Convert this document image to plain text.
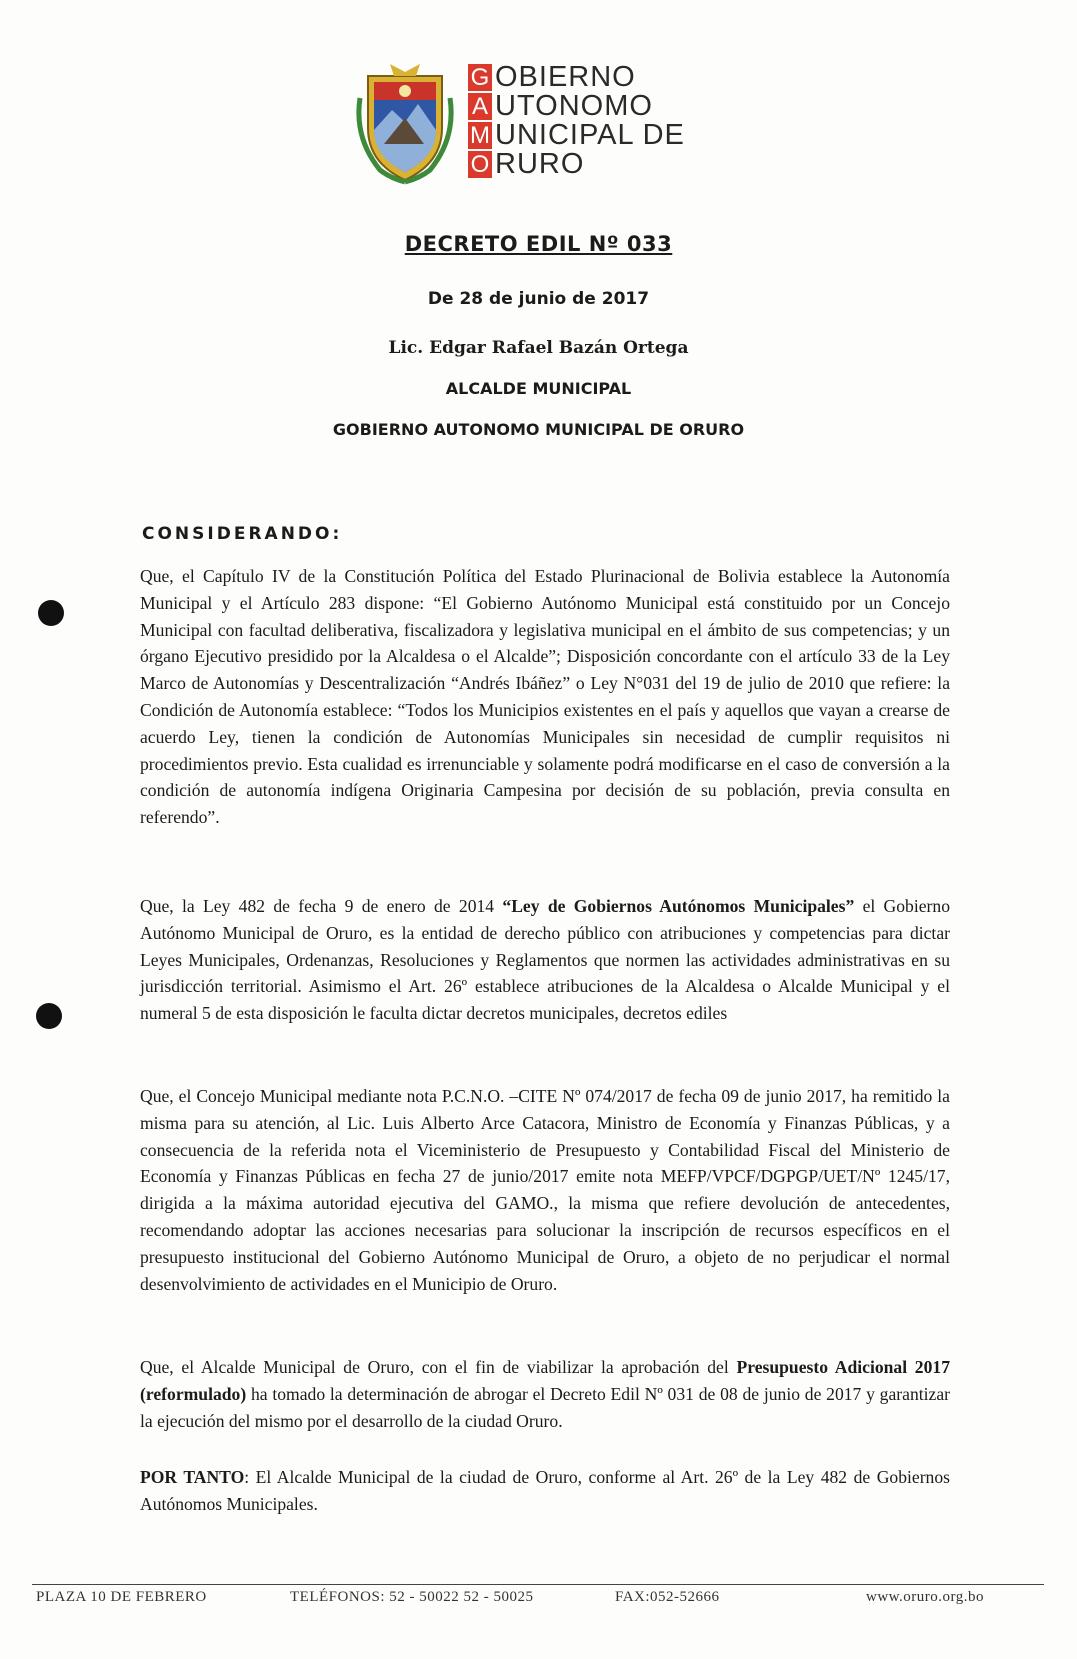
G
A
M
O
OBIERNO
UTONOMO
UNICIPAL DE
RURO
DECRETO EDIL Nº 033
De 28 de junio de 2017
Lic. Edgar Rafael Bazán Ortega
ALCALDE MUNICIPAL
GOBIERNO AUTONOMO MUNICIPAL DE ORURO
CONSIDERANDO:
Que, el Capítulo IV de la Constitución Política del Estado Plurinacional de Bolivia establece la Autonomía Municipal y el Artículo 283 dispone: “El Gobierno Autónomo Municipal está constituido por un Concejo Municipal con facultad deliberativa, fiscalizadora y legislativa municipal en el ámbito de sus competencias; y un órgano Ejecutivo presidido por la Alcaldesa o el Alcalde”; Disposición concordante con el artículo 33 de la Ley Marco de Autonomías y Descentralización “Andrés Ibáñez” o Ley N°031 del 19 de julio de 2010 que refiere: la Condición de Autonomía establece: “Todos los Municipios existentes en el país y aquellos que vayan a crearse de acuerdo Ley, tienen la condición de Autonomías Municipales sin necesidad de cumplir requisitos ni procedimientos previo. Esta cualidad es irrenunciable y solamente podrá modificarse en el caso de conversión a la condición de autonomía indígena Originaria Campesina por decisión de su población, previa consulta en referendo”.
Que, la Ley 482 de fecha 9 de enero de 2014 “Ley de Gobiernos Autónomos Municipales” el Gobierno Autónomo Municipal de Oruro, es la entidad de derecho público con atribuciones y competencias para dictar Leyes Municipales, Ordenanzas, Resoluciones y Reglamentos que normen las actividades administrativas en su jurisdicción territorial. Asimismo el Art. 26º establece atribuciones de la Alcaldesa o Alcalde Municipal y el numeral 5 de esta disposición le faculta dictar decretos municipales, decretos ediles
Que, el Concejo Municipal mediante nota P.C.N.O. –CITE Nº 074/2017 de fecha 09 de junio 2017, ha remitido la misma para su atención, al Lic. Luis Alberto Arce Catacora, Ministro de Economía y Finanzas Públicas, y a consecuencia de la referida nota el Viceministerio de Presupuesto y Contabilidad Fiscal del Ministerio de Economía y Finanzas Públicas en fecha 27 de junio/2017 emite nota MEFP/VPCF/DGPGP/UET/Nº 1245/17, dirigida a la máxima autoridad ejecutiva del GAMO., la misma que refiere devolución de antecedentes, recomendando adoptar las acciones necesarias para solucionar la inscripción de recursos específicos en el presupuesto institucional del Gobierno Autónomo Municipal de Oruro, a objeto de no perjudicar el normal desenvolvimiento de actividades en el Municipio de Oruro.
Que, el Alcalde Municipal de Oruro, con el fin de viabilizar la aprobación del Presupuesto Adicional 2017 (reformulado) ha tomado la determinación de abrogar el Decreto Edil Nº 031 de 08 de junio de 2017 y garantizar la ejecución del mismo por el desarrollo de la ciudad Oruro.
POR TANTO: El Alcalde Municipal de la ciudad de Oruro, conforme al Art. 26º de la Ley 482 de Gobiernos Autónomos Municipales.
PLAZA 10 DE FEBRERO	TELÉFONOS: 52 - 50022 52 - 50025	FAX:052-52666	www.oruro.org.bo
